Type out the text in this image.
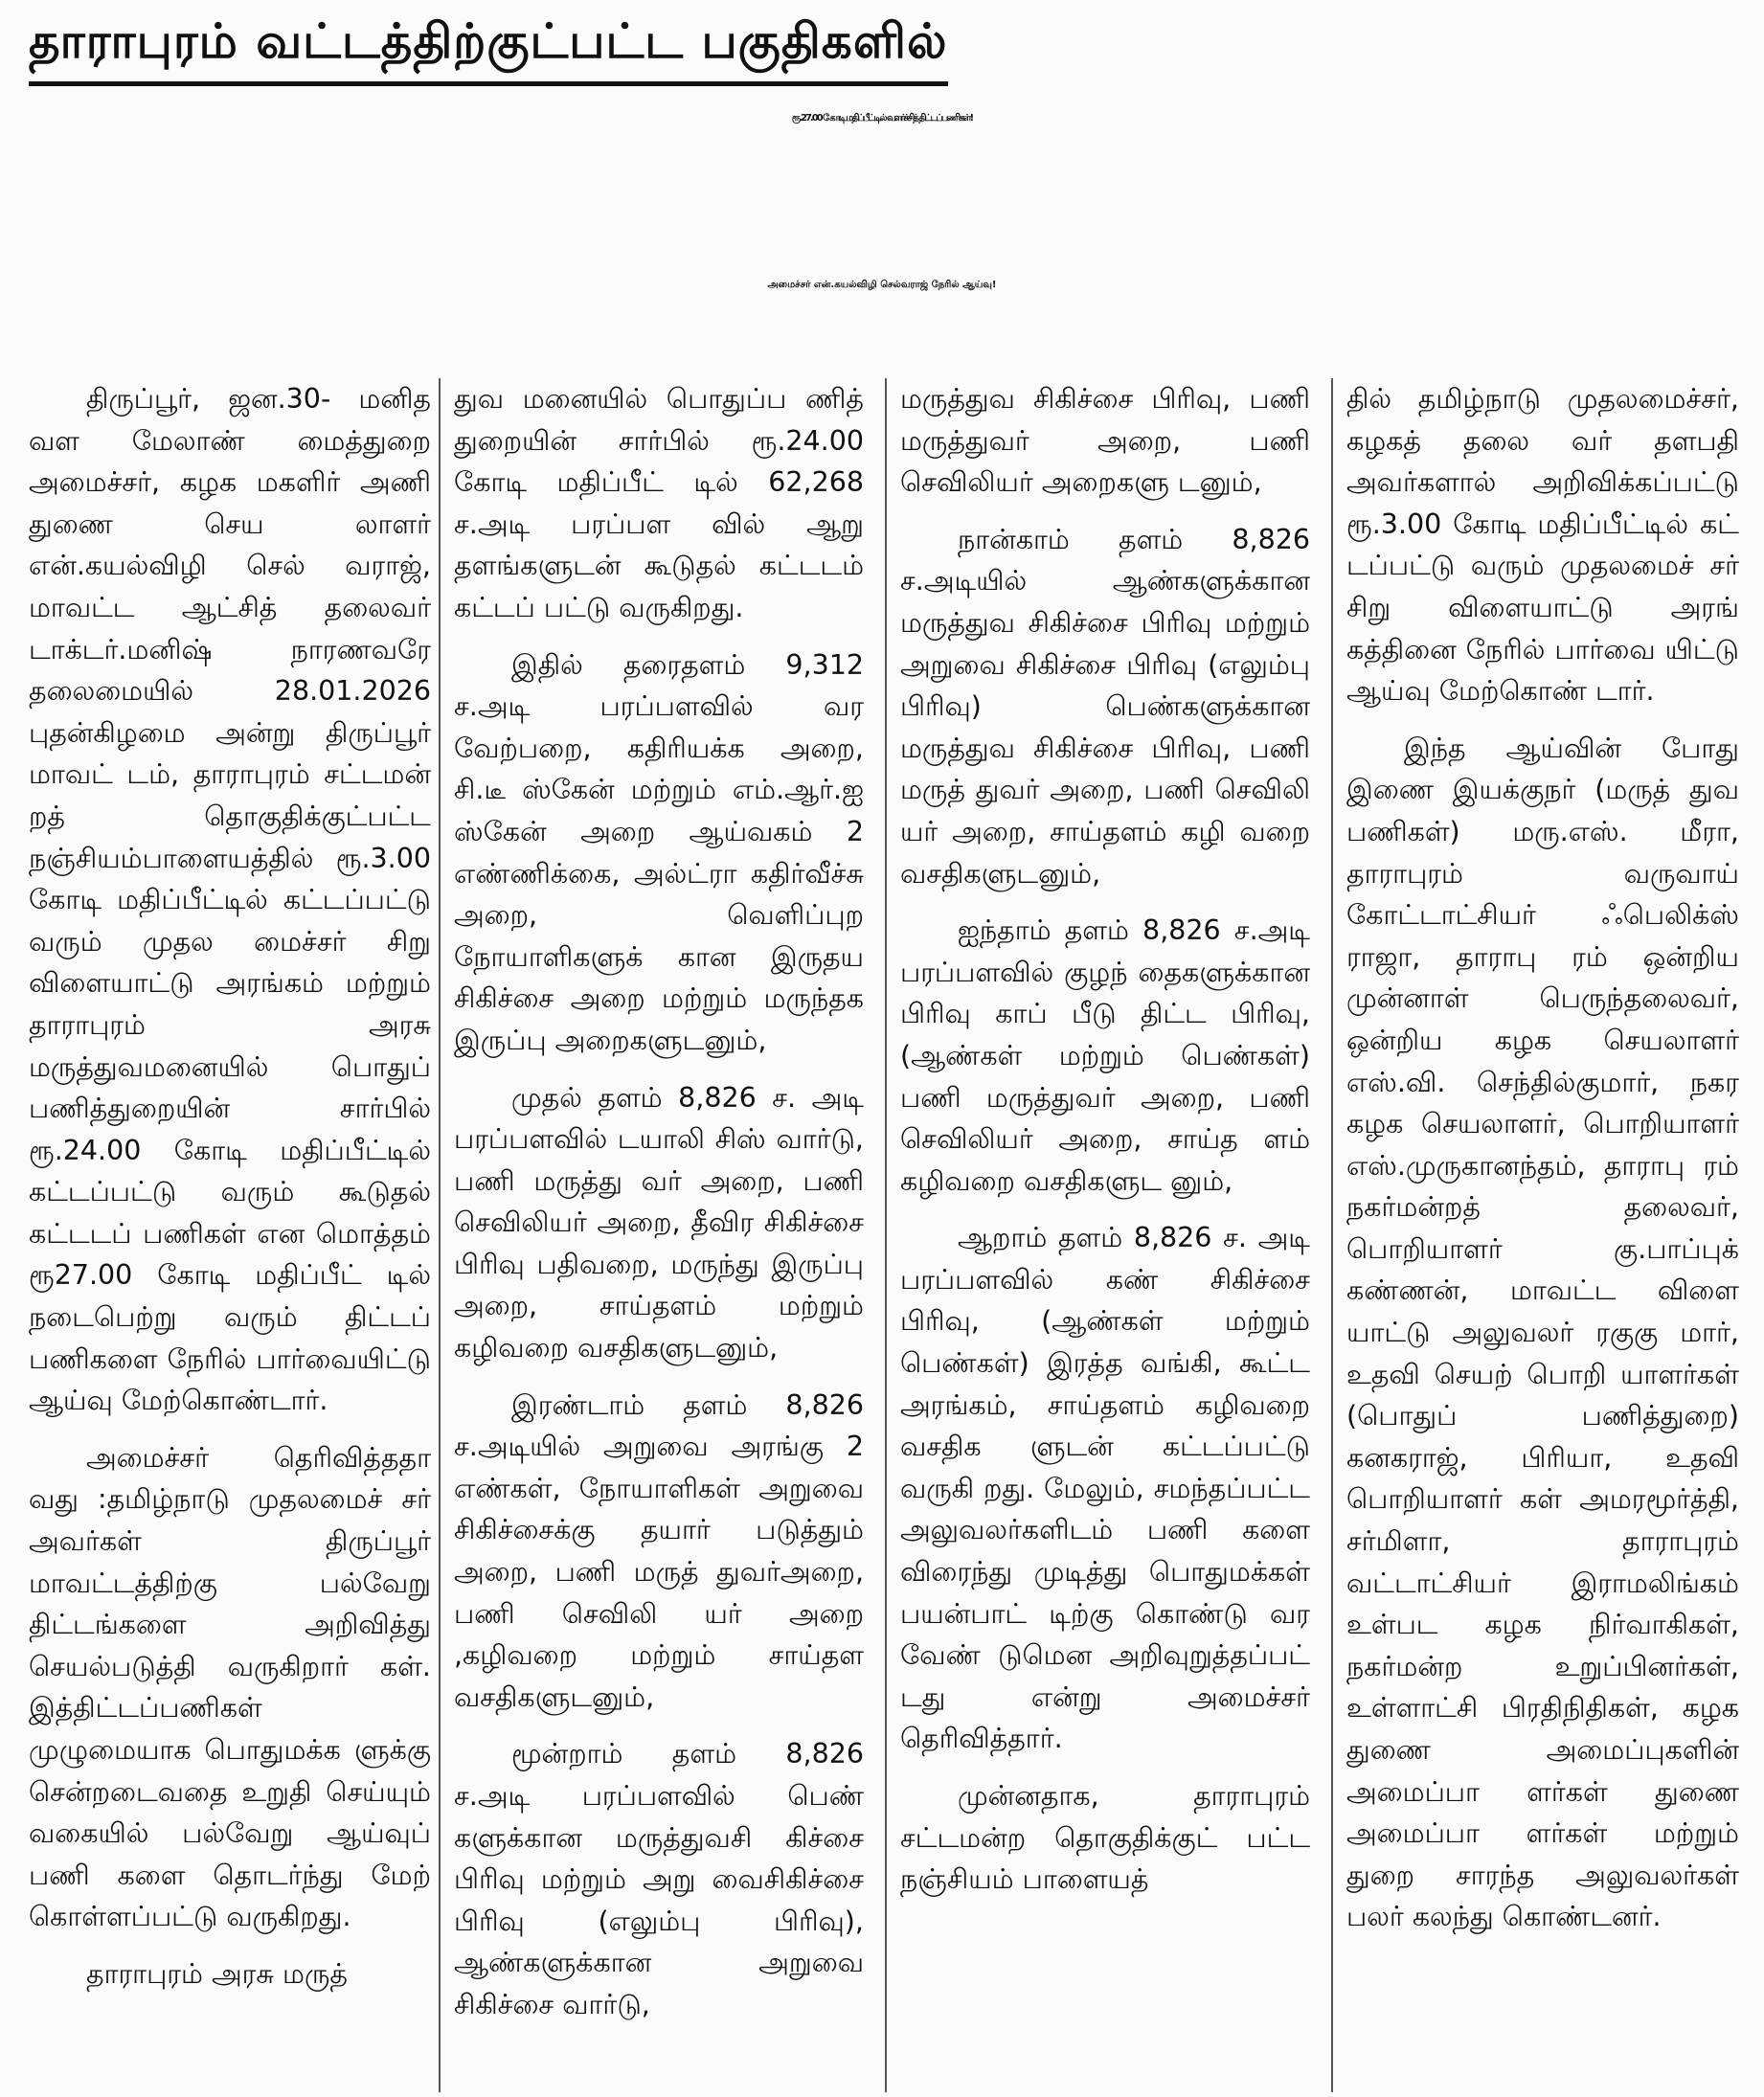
தாராபுரம் வட்டத்திற்குட்பட்ட பகுதிகளில்
ரூ.27.00 கோடி மதிப்பீட்டில் வளர்ச்சித் திட்டப்பணிகள்!
அமைச்சர் என்.கயல்விழி செல்வராஜ் நேரில் ஆய்வு!

திருப்பூர், ஜன.30- மனித வள மேலாண் மைத்துறை அமைச்சர், கழக மகளிர் அணி துணை செய லாளர் என்.கயல்விழி செல் வராஜ், மாவட்ட ஆட்சித் தலைவர் டாக்டர்.மனிஷ் நாரணவரே தலைமையில் 28.01.2026 புதன்கிழமை அன்று திருப்பூர் மாவட் டம், தாராபுரம் சட்டமன் றத் தொகுதிக்குட்பட்ட நஞ்சியம்பாளையத்தில் ரூ.3.00 கோடி மதிப்பீட்டில் கட்டப்பட்டு வரும் முதல மைச்சர் சிறு விளையாட்டு அரங்கம் மற்றும் தாராபுரம் அரசு மருத்துவமனையில் பொதுப் பணித்துறையின் சார்பில் ரூ.24.00 கோடி மதிப்பீட்டில் கட்டப்பட்டு வரும் கூடுதல் கட்டடப் பணிகள் என மொத்தம் ரூ27.00 கோடி மதிப்பீட் டில் நடைபெற்று வரும் திட்டப் பணிகளை நேரில் பார்வையிட்டு ஆய்வு மேற்கொண்டார்.

அமைச்சர் தெரிவித்ததா வது :தமிழ்நாடு முதலமைச் சர் அவர்கள் திருப்பூர் மாவட்டத்திற்கு பல்வேறு திட்டங்களை அறிவித்து செயல்படுத்தி வருகிறார் கள். இத்திட்டப்பணிகள் முழுமையாக பொதுமக்க ளுக்கு சென்றடைவதை உறுதி செய்யும் வகையில் பல்வேறு ஆய்வுப் பணி களை தொடர்ந்து மேற் கொள்ளப்பட்டு வருகிறது.

தாராபுரம் அரசு மருத்

துவ மனையில் பொதுப்ப ணித் துறையின் சார்பில் ரூ.24.00 கோடி மதிப்பீட் டில் 62,268 ச.அடி பரப்பள வில் ஆறு தளங்களுடன் கூடுதல் கட்டடம் கட்டப் பட்டு வருகிறது.

இதில் தரைதளம் 9,312 ச.அடி பரப்பளவில் வர வேற்பறை, கதிரியக்க அறை, சி.டீ ஸ்கேன் மற்றும் எம்.ஆர்.ஐ ஸ்கேன் அறை ஆய்வகம் 2 எண்ணிக்கை, அல்ட்ரா கதிர்வீச்சு அறை, வெளிப்புற நோயாளிகளுக் கான இருதய சிகிச்சை அறை மற்றும் மருந்தக இருப்பு அறைகளுடனும்,

முதல் தளம் 8,826 ச. அடி பரப்பளவில் டயாலி சிஸ் வார்டு, பணி மருத்து வர் அறை, பணி செவிலியர் அறை, தீவிர சிகிச்சை பிரிவு பதிவறை, மருந்து இருப்பு அறை, சாய்தளம் மற்றும் கழிவறை வசதிகளுடனும்,

இரண்டாம் தளம் 8,826 ச.அடியில் அறுவை அரங்கு 2 எண்கள், நோயாளிகள் அறுவை சிகிச்சைக்கு தயார் படுத்தும் அறை, பணி மருத் துவர்அறை, பணி செவிலி யர் அறை ,கழிவறை மற்றும் சாய்தள வசதிகளுடனும்,

மூன்றாம் தளம் 8,826 ச.அடி பரப்பளவில் பெண் களுக்கான மருத்துவசி கிச்சை பிரிவு மற்றும் அறு வைசிகிச்சை பிரிவு (எலும்பு பிரிவு), ஆண்களுக்கான அறுவை சிகிச்சை வார்டு,

மருத்துவ சிகிச்சை பிரிவு, பணி மருத்துவர் அறை, பணி செவிலியர் அறைகளு டனும்,

நான்காம் தளம் 8,826 ச.அடியில் ஆண்களுக்கான மருத்துவ சிகிச்சை பிரிவு மற்றும் அறுவை சிகிச்சை பிரிவு (எலும்பு பிரிவு) பெண்களுக்கான மருத்துவ சிகிச்சை பிரிவு, பணி மருத் துவர் அறை, பணி செவிலி யர் அறை, சாய்தளம் கழி வறை வசதிகளுடனும்,

ஐந்தாம் தளம் 8,826 ச.அடி பரப்பளவில் குழந் தைகளுக்கான பிரிவு காப் பீடு திட்ட பிரிவு, (ஆண்கள் மற்றும் பெண்கள்) பணி மருத்துவர் அறை, பணி செவிலியர் அறை, சாய்த ளம் கழிவறை வசதிகளுட னும்,

ஆறாம் தளம் 8,826 ச. அடி பரப்பளவில் கண் சிகிச்சை பிரிவு, (ஆண்கள் மற்றும் பெண்கள்) இரத்த வங்கி, கூட்ட அரங்கம், சாய்தளம் கழிவறை வசதிக ளுடன் கட்டப்பட்டு வருகி றது. மேலும், சமந்தப்பட்ட அலுவலர்களிடம் பணி களை விரைந்து முடித்து பொதுமக்கள் பயன்பாட் டிற்கு கொண்டு வர வேண் டுமென அறிவுறுத்தப்பட் டது என்று அமைச்சர் தெரிவித்தார்.

முன்னதாக, தாராபுரம் சட்டமன்ற தொகுதிக்குட் பட்ட நஞ்சியம் பாளையத்

தில் தமிழ்நாடு முதலமைச்சர், கழகத் தலை வர் தளபதி அவர்களால் அறிவிக்கப்பட்டு ரூ.3.00 கோடி மதிப்பீட்டில் கட் டப்பட்டு வரும் முதலமைச் சர் சிறு விளையாட்டு அரங் கத்தினை நேரில் பார்வை யிட்டு ஆய்வு மேற்கொண் டார்.

இந்த ஆய்வின் போது இணை இயக்குநர் (மருத் துவ பணிகள்) மரு.எஸ். மீரா, தாராபுரம் வருவாய் கோட்டாட்சியர் ஃபெலிக்ஸ் ராஜா, தாராபு ரம் ஒன்றிய முன்னாள் பெருந்தலைவர், ஒன்றிய கழக செயலாளர் எஸ்.வி. செந்தில்குமார், நகர கழக செயலாளர், பொறியாளர் எஸ்.முருகானந்தம், தாராபு ரம் நகர்மன்றத் தலைவர், பொறியாளர் கு.பாப்புக் கண்ணன், மாவட்ட விளை யாட்டு அலுவலர் ரகுகு மார், உதவி செயற் பொறி யாளர்கள் (பொதுப் பணித்துறை) கனகராஜ், பிரியா, உதவி பொறியாளர் கள் அமரமூர்த்தி, சர்மிளா, தாராபுரம் வட்டாட்சியர் இராமலிங்கம் உள்பட கழக நிர்வாகிகள், நகர்மன்ற உறுப்பினர்கள், உள்ளாட்சி பிரதிநிதிகள், கழக துணை அமைப்புகளின் அமைப்பா ளர்கள் துணை அமைப்பா ளர்கள் மற்றும் துறை சாரந்த அலுவலர்கள் பலர் கலந்து கொண்டனர்.
